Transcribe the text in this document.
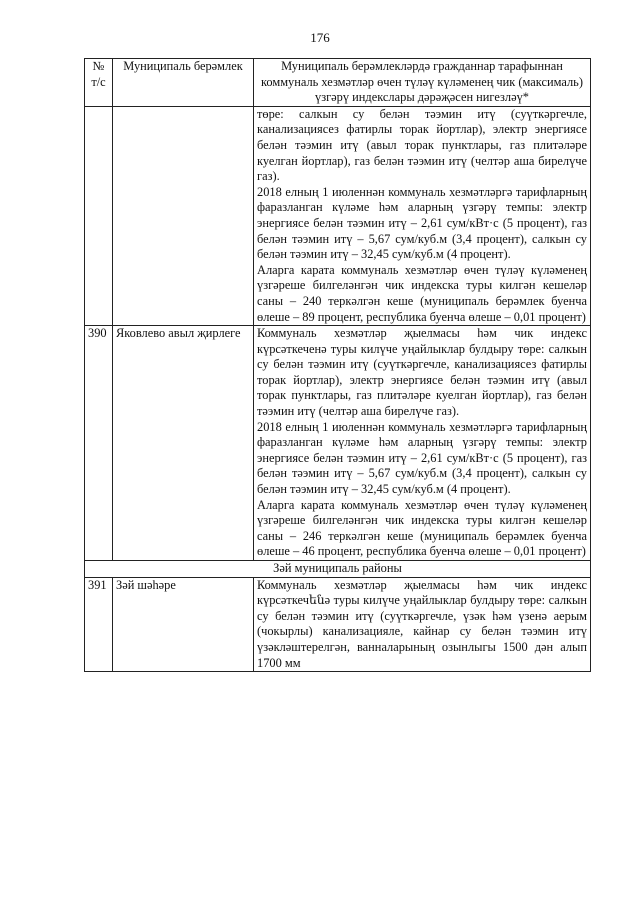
176
№ т/с	Муниципаль берәмлек	Муниципаль берәмлекләрдә гражданнар тарафыннан коммуналь хезмәтләр өчен түләү күләменең чик (максималь) үзгәрү индекслары дәрәҗәсен нигезләү*

		төре: салкын су белән тәэмин итү (суүткәргечле, канализациясез фатирлы торак йортлар), электр энергиясе белән тәэмин итү (авыл торак пунктлары, газ плитәләре куелган йортлар), газ белән тәэмин итү (челтәр аша бирелүче газ).

2018 елның 1 июленнән коммуналь хезмәтләргә тарифларның фаразланган күләме һәм аларның үзгәрү темпы: электр энергиясе белән тәэмин итү – 2,61 сум/кВт·с (5 процент), газ белән тәэмин итү – 5,67 сум/куб.м (3,4 процент), салкын су белән тәэмин итү – 32,45 сум/куб.м (4 процент).

Аларга карата коммуналь хезмәтләр өчен түләү күләменең үзгәреше билгеләнгән чик индекска туры килгән кешеләр саны – 240 теркәлгән кеше (муниципаль берәмлек буенча өлеше – 89 процент, республика буенча өлеше – 0,01 процент)

390	Яковлево авыл җирлеге	Коммуналь хезмәтләр җыелмасы һәм чик индекс күрсәткеченә туры килүче уңайлыклар булдыру төре: салкын су белән тәэмин итү (суүткәргечле, канализациясез фатирлы торак йортлар), электр энергиясе белән тәэмин итү (авыл торак пунктлары, газ плитәләре куелган йортлар), газ белән тәэмин итү (челтәр аша бирелүче газ).

2018 елның 1 июленнән коммуналь хезмәтләргә тарифларның фаразланган күләме һәм аларның үзгәрү темпы: электр энергиясе белән тәэмин итү – 2,61 сум/кВт·с (5 процент), газ белән тәэмин итү – 5,67 сум/куб.м (3,4 процент), салкын су белән тәэмин итү – 32,45 сум/куб.м (4 процент).

Аларга карата коммуналь хезмәтләр өчен түләү күләменең үзгәреше билгеләнгән чик индекска туры килгән кешеләр саны – 246 теркәлгән кеше (муниципаль берәмлек буенча өлеше – 46 процент, республика буенча өлеше – 0,01 процент)

Зәй муниципаль районы		
391	Зәй шәһәре	Коммуналь хезмәтләр җыелмасы һәм чик индекс күрсәткечենә туры килүче уңайлыклар булдыру төре: салкын су белән тәэмин итү (суүткәргечле, үзәк һәм үзенә аерым (чокырлы) канализацияле, кайнар су белән тәэмин итү үзәкләштерелгән, ванналарының озынлыгы 1500 дән алып 1700 мм
